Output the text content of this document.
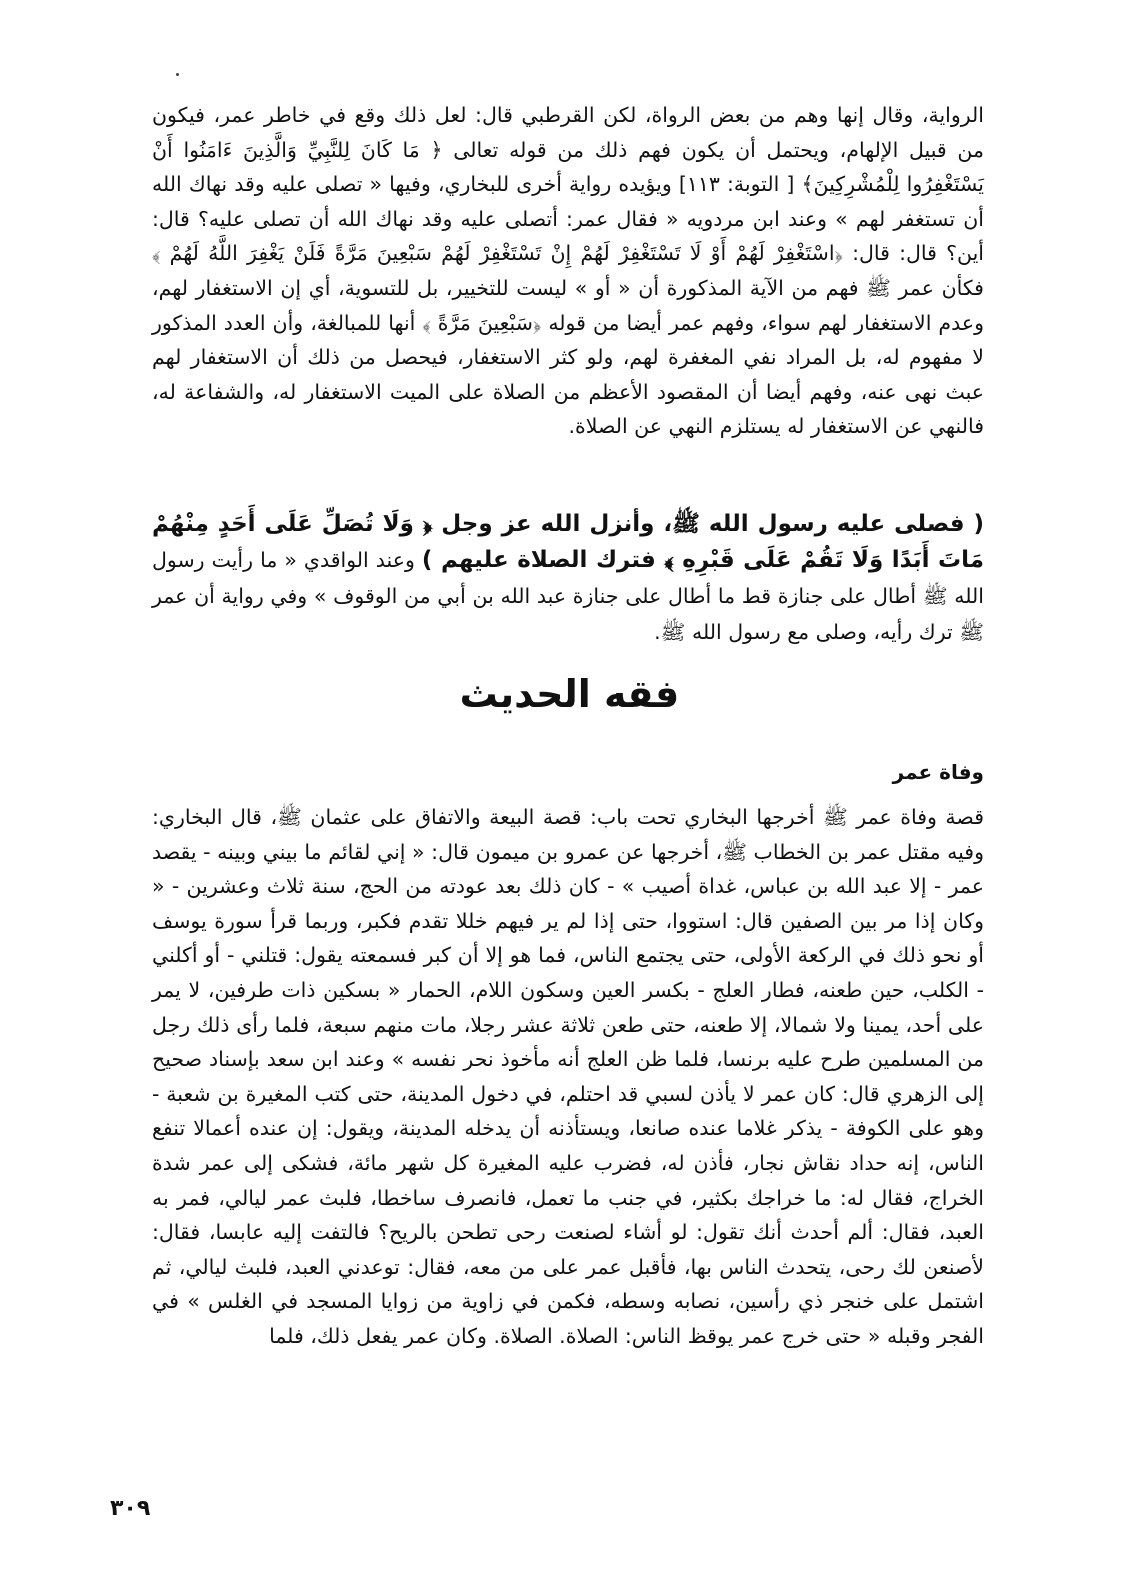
الرواية، وقال إنها وهم من بعض الرواة، لكن القرطبي قال: لعل ذلك وقع في خاطر عمر، فيكون من قبيل الإلهام، ويحتمل أن يكون فهم ذلك من قوله تعالى ﴿ مَا كَانَ لِلنَّبِيِّ وَالَّذِينَ ءَامَنُوا أَنْ يَسْتَغْفِرُوا لِلْمُشْرِكِينَ﴾ [ التوبة: ١١٣] ويؤيده رواية أخرى للبخاري، وفيها « تصلى عليه وقد نهاك الله أن تستغفر لهم » وعند ابن مردويه « فقال عمر: أتصلى عليه وقد نهاك الله أن تصلى عليه؟ قال: أين؟ قال: قال: ﴿اسْتَغْفِرْ لَهُمْ أَوْ لَا تَسْتَغْفِرْ لَهُمْ إِنْ تَسْتَغْفِرْ لَهُمْ سَبْعِينَ مَرَّةً فَلَنْ يَغْفِرَ اللَّهُ لَهُمْ ﴾ فكأن عمر ﷺ فهم من الآية المذكورة أن « أو » ليست للتخيير، بل للتسوية، أي إن الاستغفار لهم، وعدم الاستغفار لهم سواء، وفهم عمر أيضا من قوله ﴿سَبْعِينَ مَرَّةً ﴾ أنها للمبالغة، وأن العدد المذكور لا مفهوم له، بل المراد نفي المغفرة لهم، ولو كثر الاستغفار، فيحصل من ذلك أن الاستغفار لهم عبث نهى عنه، وفهم أيضا أن المقصود الأعظم من الصلاة على الميت الاستغفار له، والشفاعة له، فالنهي عن الاستغفار له يستلزم النهي عن الصلاة.

( فصلى عليه رسول الله ﷺ، وأنزل الله عز وجل ﴿ وَلَا تُصَلِّ عَلَى أَحَدٍ مِنْهُمْ مَاتَ أَبَدًا وَلَا تَقُمْ عَلَى قَبْرِهِ ﴾ فترك الصلاة عليهم ) وعند الواقدي « ما رأيت رسول الله ﷺ أطال على جنازة قط ما أطال على جنازة عبد الله بن أبي من الوقوف » وفي رواية أن عمر ﷺ ترك رأيه، وصلى مع رسول الله ﷺ.

فقه الحديث
وفاة عمر

قصة وفاة عمر ﷺ أخرجها البخاري تحت باب: قصة البيعة والاتفاق على عثمان ﷺ، قال البخاري: وفيه مقتل عمر بن الخطاب ﷺ، أخرجها عن عمرو بن ميمون قال: « إني لقائم ما بيني وبينه - يقصد عمر - إلا عبد الله بن عباس، غداة أصيب » - كان ذلك بعد عودته من الحج، سنة ثلاث وعشرين - « وكان إذا مر بين الصفين قال: استووا، حتى إذا لم ير فيهم خللا تقدم فكبر، وربما قرأ سورة يوسف أو نحو ذلك في الركعة الأولى، حتى يجتمع الناس، فما هو إلا أن كبر فسمعته يقول: قتلني - أو أكلني - الكلب، حين طعنه، فطار العلج - بكسر العين وسكون اللام، الحمار « بسكين ذات طرفين، لا يمر على أحد، يمينا ولا شمالا، إلا طعنه، حتى طعن ثلاثة عشر رجلا، مات منهم سبعة، فلما رأى ذلك رجل من المسلمين طرح عليه برنسا، فلما ظن العلج أنه مأخوذ نحر نفسه » وعند ابن سعد بإسناد صحيح إلى الزهري قال: كان عمر لا يأذن لسبي قد احتلم، في دخول المدينة، حتى كتب المغيرة بن شعبة - وهو على الكوفة - يذكر غلاما عنده صانعا، ويستأذنه أن يدخله المدينة، ويقول: إن عنده أعمالا تنفع الناس، إنه حداد نقاش نجار، فأذن له، فضرب عليه المغيرة كل شهر مائة، فشكى إلى عمر شدة الخراج، فقال له: ما خراجك بكثير، في جنب ما تعمل، فانصرف ساخطا، فلبث عمر ليالي، فمر به العبد، فقال: ألم أحدث أنك تقول: لو أشاء لصنعت رحى تطحن بالريح؟ فالتفت إليه عابسا، فقال: لأصنعن لك رحى، يتحدث الناس بها، فأقبل عمر على من معه، فقال: توعدني العبد، فلبث ليالي، ثم اشتمل على خنجر ذي رأسين، نصابه وسطه، فكمن في زاوية من زوايا المسجد في الغلس » في الفجر وقبله « حتى خرج عمر يوقظ الناس: الصلاة. الصلاة. وكان عمر يفعل ذلك، فلما

٣٠٩
